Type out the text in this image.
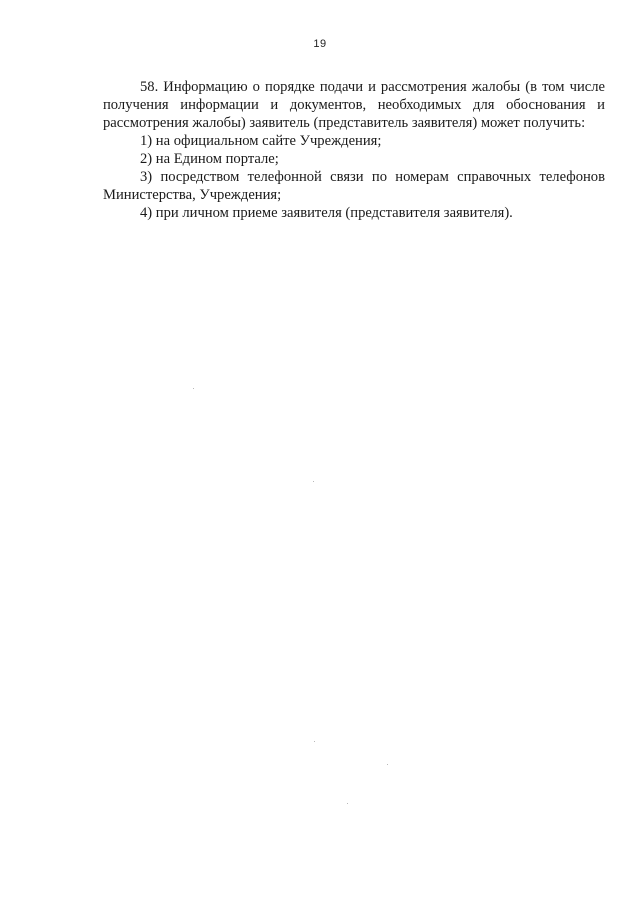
19

58. Информацию о порядке подачи и рассмотрения жалобы (в том числе получения информации и документов, необходимых для обоснования и рассмотрения жалобы) заявитель (представитель заявителя) может получить:

1) на официальном сайте Учреждения;

2) на Едином портале;

3) посредством телефонной связи по номерам справочных телефонов Министерства, Учреждения;

4) при личном приеме заявителя (представителя заявителя).
